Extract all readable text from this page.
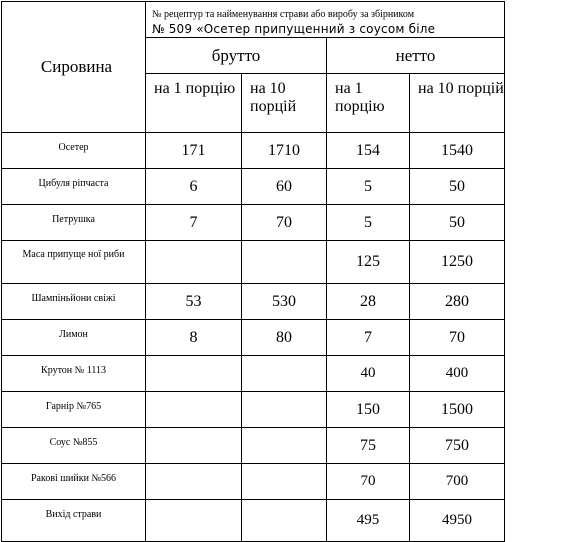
Сировина	№ рецептур та найменування страви або виробу за збірником
№ 509 «Осетер припущенний з соусом біле			

	брутто		нетто	
	на 1 порцію	на 10 порцій	на 1 порцію	на 10 порцій
Осетер	171	1710	154	1540
Цибуля ріпчаста	6	60	5	50
Петрушка	7	70	5	50
Маса припуще ної риби			125	1250
Шампіньйони свіжі	53	530	28	280
Лимон	8	80	7	70
Крутон № 1113			40	400
Гарнір №765			150	1500
Соус №855			75	750
Ракові шийки №566			70	700
Вихід страви			495	4950
